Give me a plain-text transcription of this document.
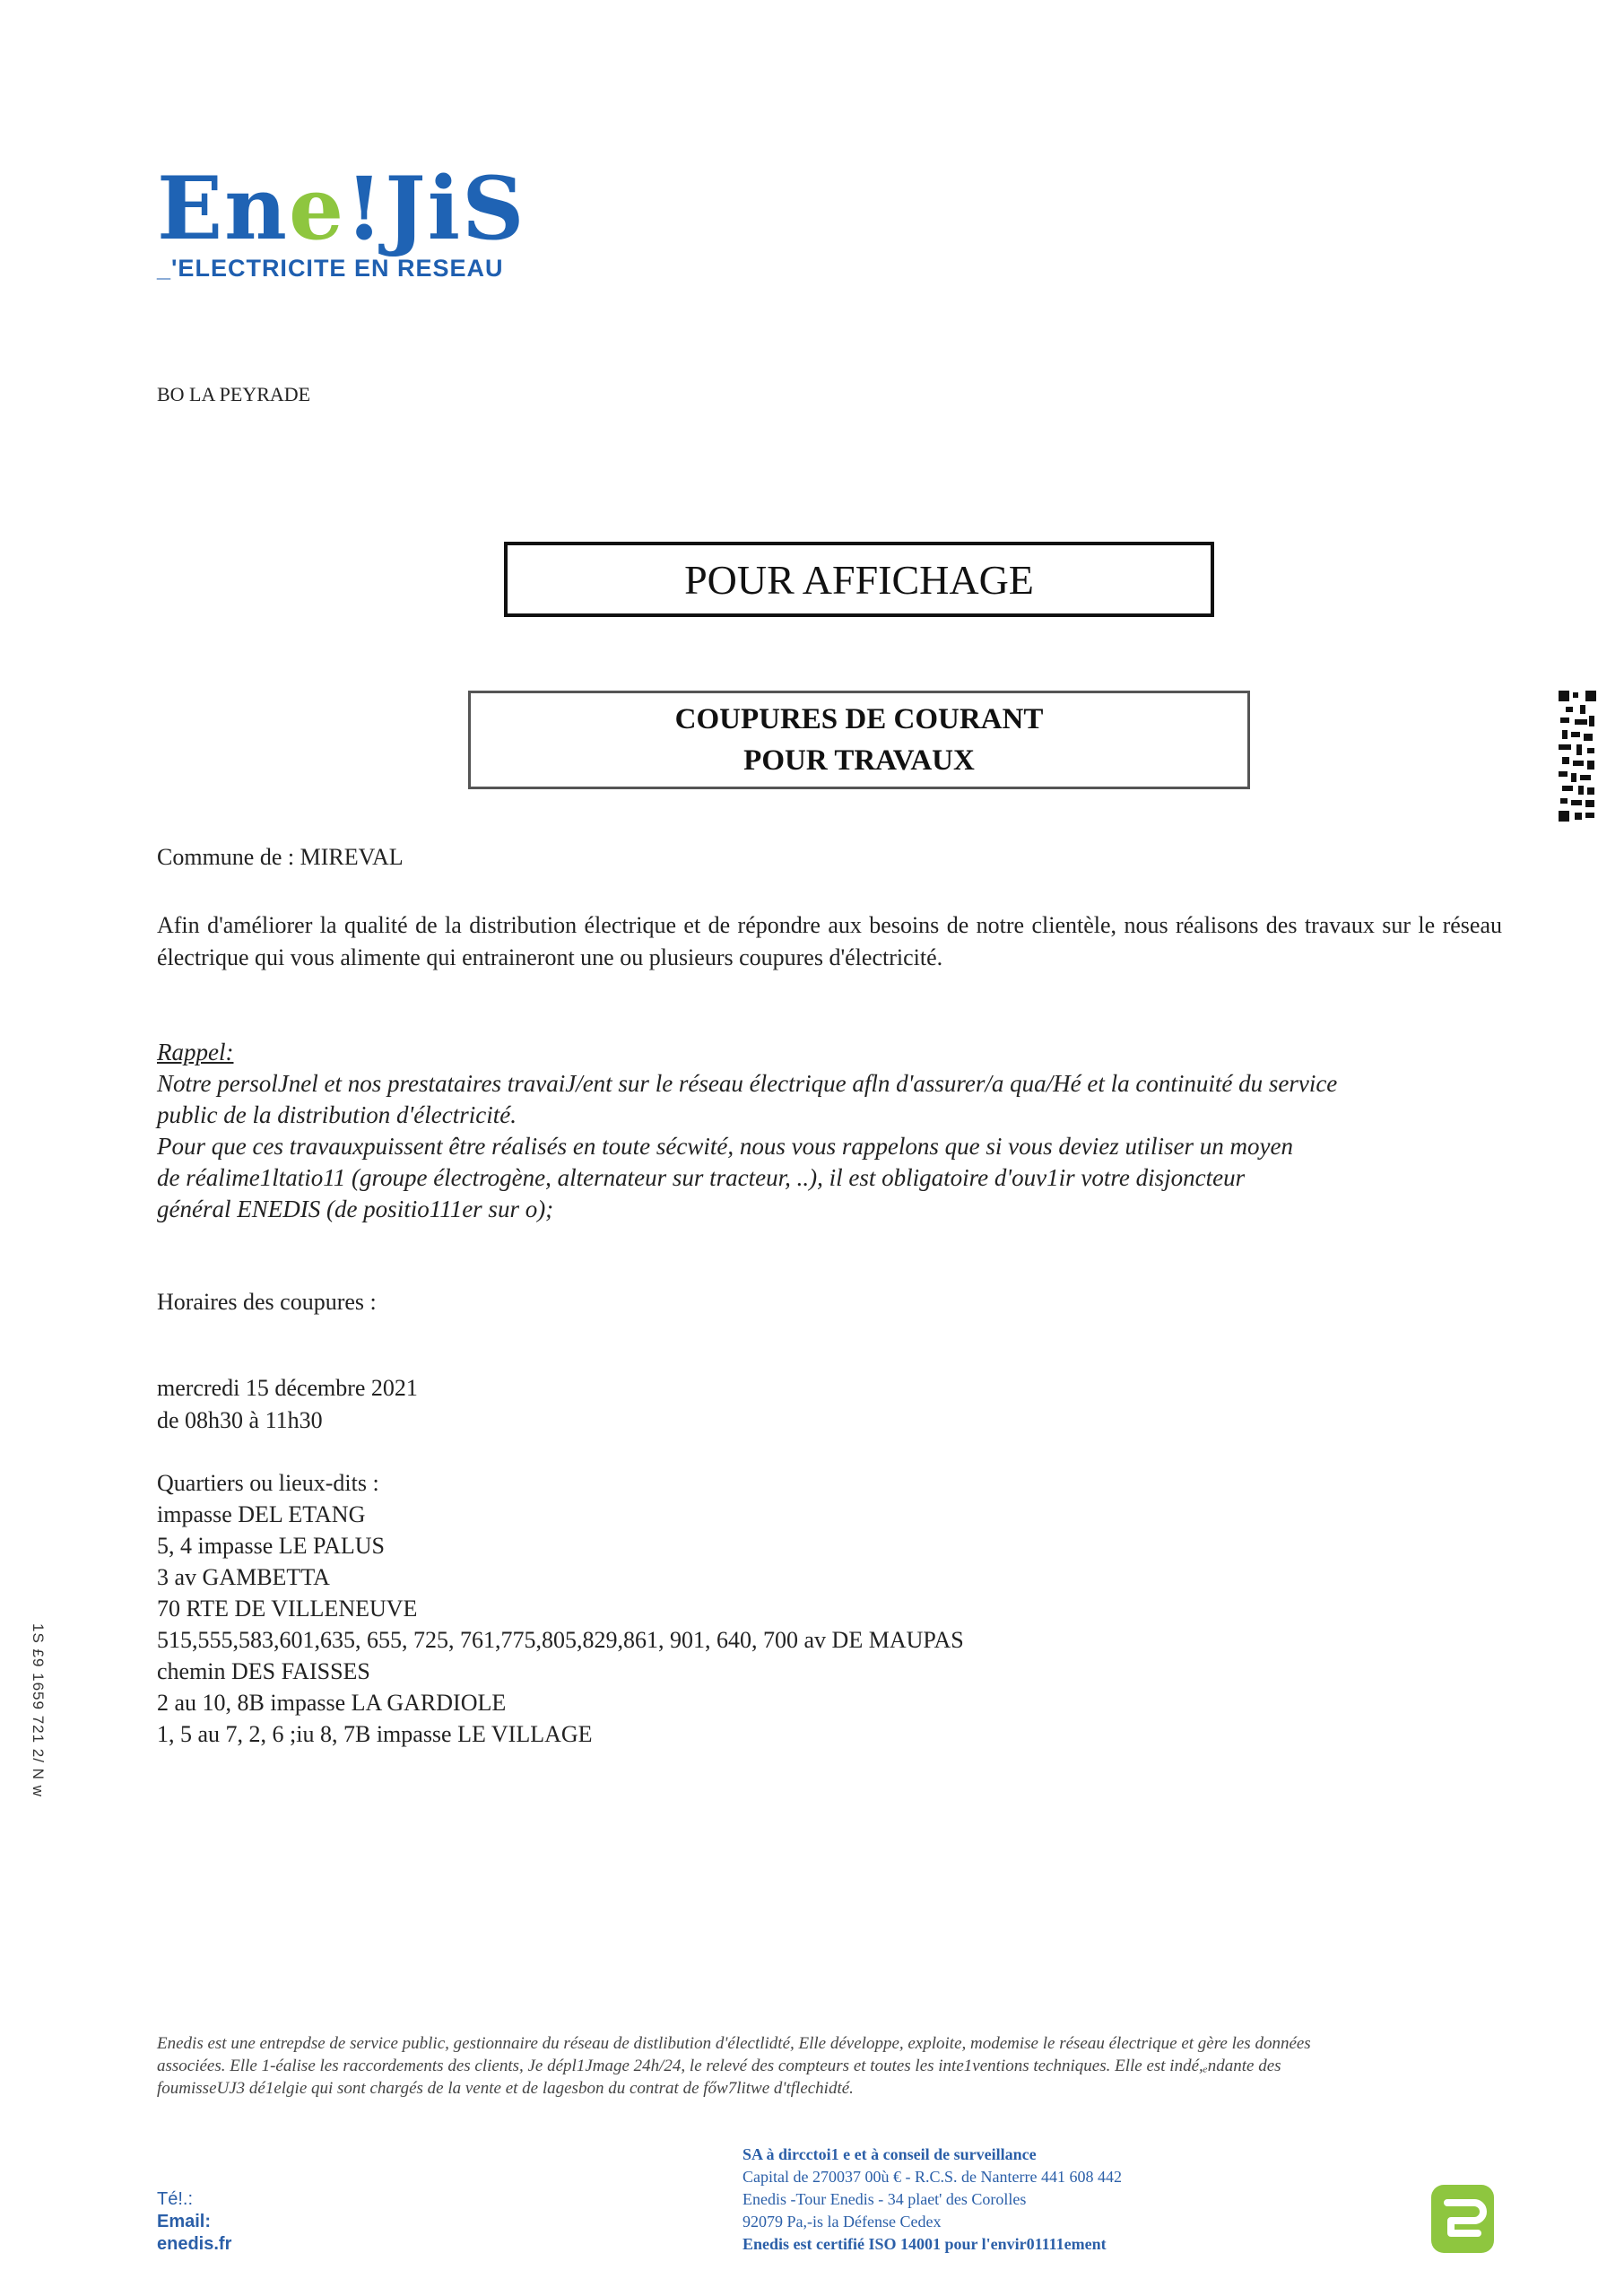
Ene!JiS
_'ELECTRICITE EN RESEAU
BO LA PEYRADE
POUR AFFICHAGE
COUPURES DE COURANT
POUR TRAVAUX
Commune de : MIREVAL
Afin d'améliorer la qualité de la distribution électrique et de répondre aux besoins de notre clientèle, nous réalisons des travaux sur le réseau électrique qui vous alimente qui entraineront une ou plusieurs coupures d'électricité.
Rappel:
Notre persolJnel et nos prestataires travaiJ/ent sur le réseau électrique afln d'assurer/a qua/Hé et la continuité du service
public de la distribution d'électricité.
Pour que ces travauxpuissent être réalisés en toute sécwité, nous vous rappelons que si vous deviez utiliser un moyen
de réalime1ltatio11 (groupe électrogène, alternateur sur tracteur, ..), il est obligatoire d'ouv1ir votre disjoncteur
général ENEDIS (de positio111er sur o);
Horaires des coupures :
mercredi 15 décembre 2021
de 08h30 à 11h30
Quartiers ou lieux-dits :
impasse DEL ETANG
5, 4 impasse LE PALUS
3 av GAMBETTA
70 RTE DE VILLENEUVE
515,555,583,601,635, 655, 725, 761,775,805,829,861, 901, 640, 700 av DE MAUPAS
chemin DES FAISSES
2 au 10, 8B impasse LA GARDIOLE
1, 5 au 7, 2, 6 ;iu 8, 7B impasse LE VILLAGE
1S £9 1659 721 2/ N w
Enedis est une entrepdse de service public, gestionnaire du réseau de distlibution d'électlidté, Elle développe, exploite, modemise le réseau électrique et gère les données
associées. Elle 1-éalise les raccordements des clients, Je dépl1Jmage 24h/24, le relevé des compteurs et toutes les inte1ventions techniques. Elle est indé,ₑndante des
foumisseUJ3 dé1elgie qui sont chargés de la vente et de lagesbon du contrat de főw7litwe d'tflechidté.
Té!.:
Email:
enedis.fr
SA à dircctoi1 e et à conseil de surveillance
Capital de 270037 00ù € - R.C.S. de Nanterre 441 608 442
Enedis -Tour Enedis - 34 plaet' des Corolles
92079 Pa,-is la Défense Cedex
Enedis est certifié ISO 14001 pour l'envir01111ement
